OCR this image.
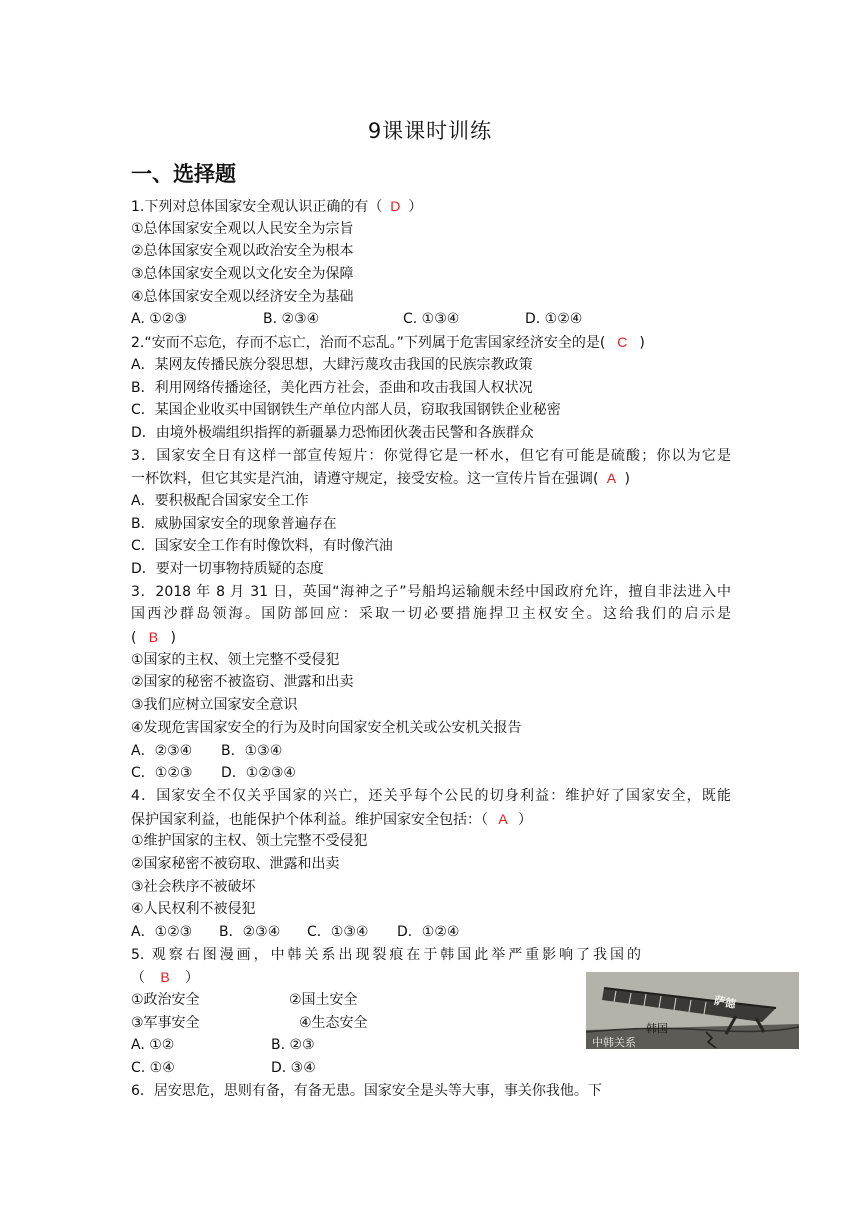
9课课时训练
一、选择题
1.下列对总体国家安全观认识正确的有（ D ）
①总体国家安全观以人民安全为宗旨
②总体国家安全观以政治安全为根本
③总体国家安全观以文化安全为保障
④总体国家安全观以经济安全为基础
A. ①②③	B. ②③④	C. ①③④	D. ①②④
2.“安而不忘危，存而不忘亡，治而不忘乱。”下列属于危害国家经济安全的是( C )
A．某网友传播民族分裂思想，大肆污蔑攻击我国的民族宗教政策
B．利用网络传播途径，美化西方社会，歪曲和攻击我国人权状况
C．某国企业收买中国钢铁生产单位内部人员，窃取我国钢铁企业秘密
D．由境外极端组织指挥的新疆暴力恐怖团伙袭击民警和各族群众
3．国家安全日有这样一部宣传短片：你觉得它是一杯水，但它有可能是硫酸；你以为它是
一杯饮料，但它其实是汽油，请遵守规定，接受安检。这一宣传片旨在强调( A )
A．要积极配合国家安全工作
B．威胁国家安全的现象普遍存在
C．国家安全工作有时像饮料，有时像汽油
D．要对一切事物持质疑的态度
3．2018 年 8 月 31 日，英国“海神之子”号船坞运输舰未经中国政府允许，擅自非法进入中
国西沙群岛领海。国防部回应：采取一切必要措施捍卫主权安全。这给我们的启示是
( B )
①国家的主权、领土完整不受侵犯
②国家的秘密不被盗窃、泄露和出卖
③我们应树立国家安全意识
④发现危害国家安全的行为及时向国家安全机关或公安机关报告
A．②③④	B．①③④
C．①②③	D．①②③④
4．国家安全不仅关乎国家的兴亡，还关乎每个公民的切身利益：维护好了国家安全，既能
保护国家利益，也能保护个体利益。维护国家安全包括：（ A ）
①维护国家的主权、领土完整不受侵犯
②国家秘密不被窃取、泄露和出卖
③社会秩序不被破坏
④人民权利不被侵犯
A．①②③	B．②③④	C．①③④	D．①②④
5. 观察右图漫画，中韩关系出现裂痕在于韩国此举严重影响了我国的
（ B ）
①政治安全	②国土安全
③军事安全	④生态安全
A. ①②	B. ②③
C. ①④	D. ③④
6．居安思危，思则有备，有备无患。国家安全是头等大事，事关你我他。下
萨德
韩国
中韩关系
